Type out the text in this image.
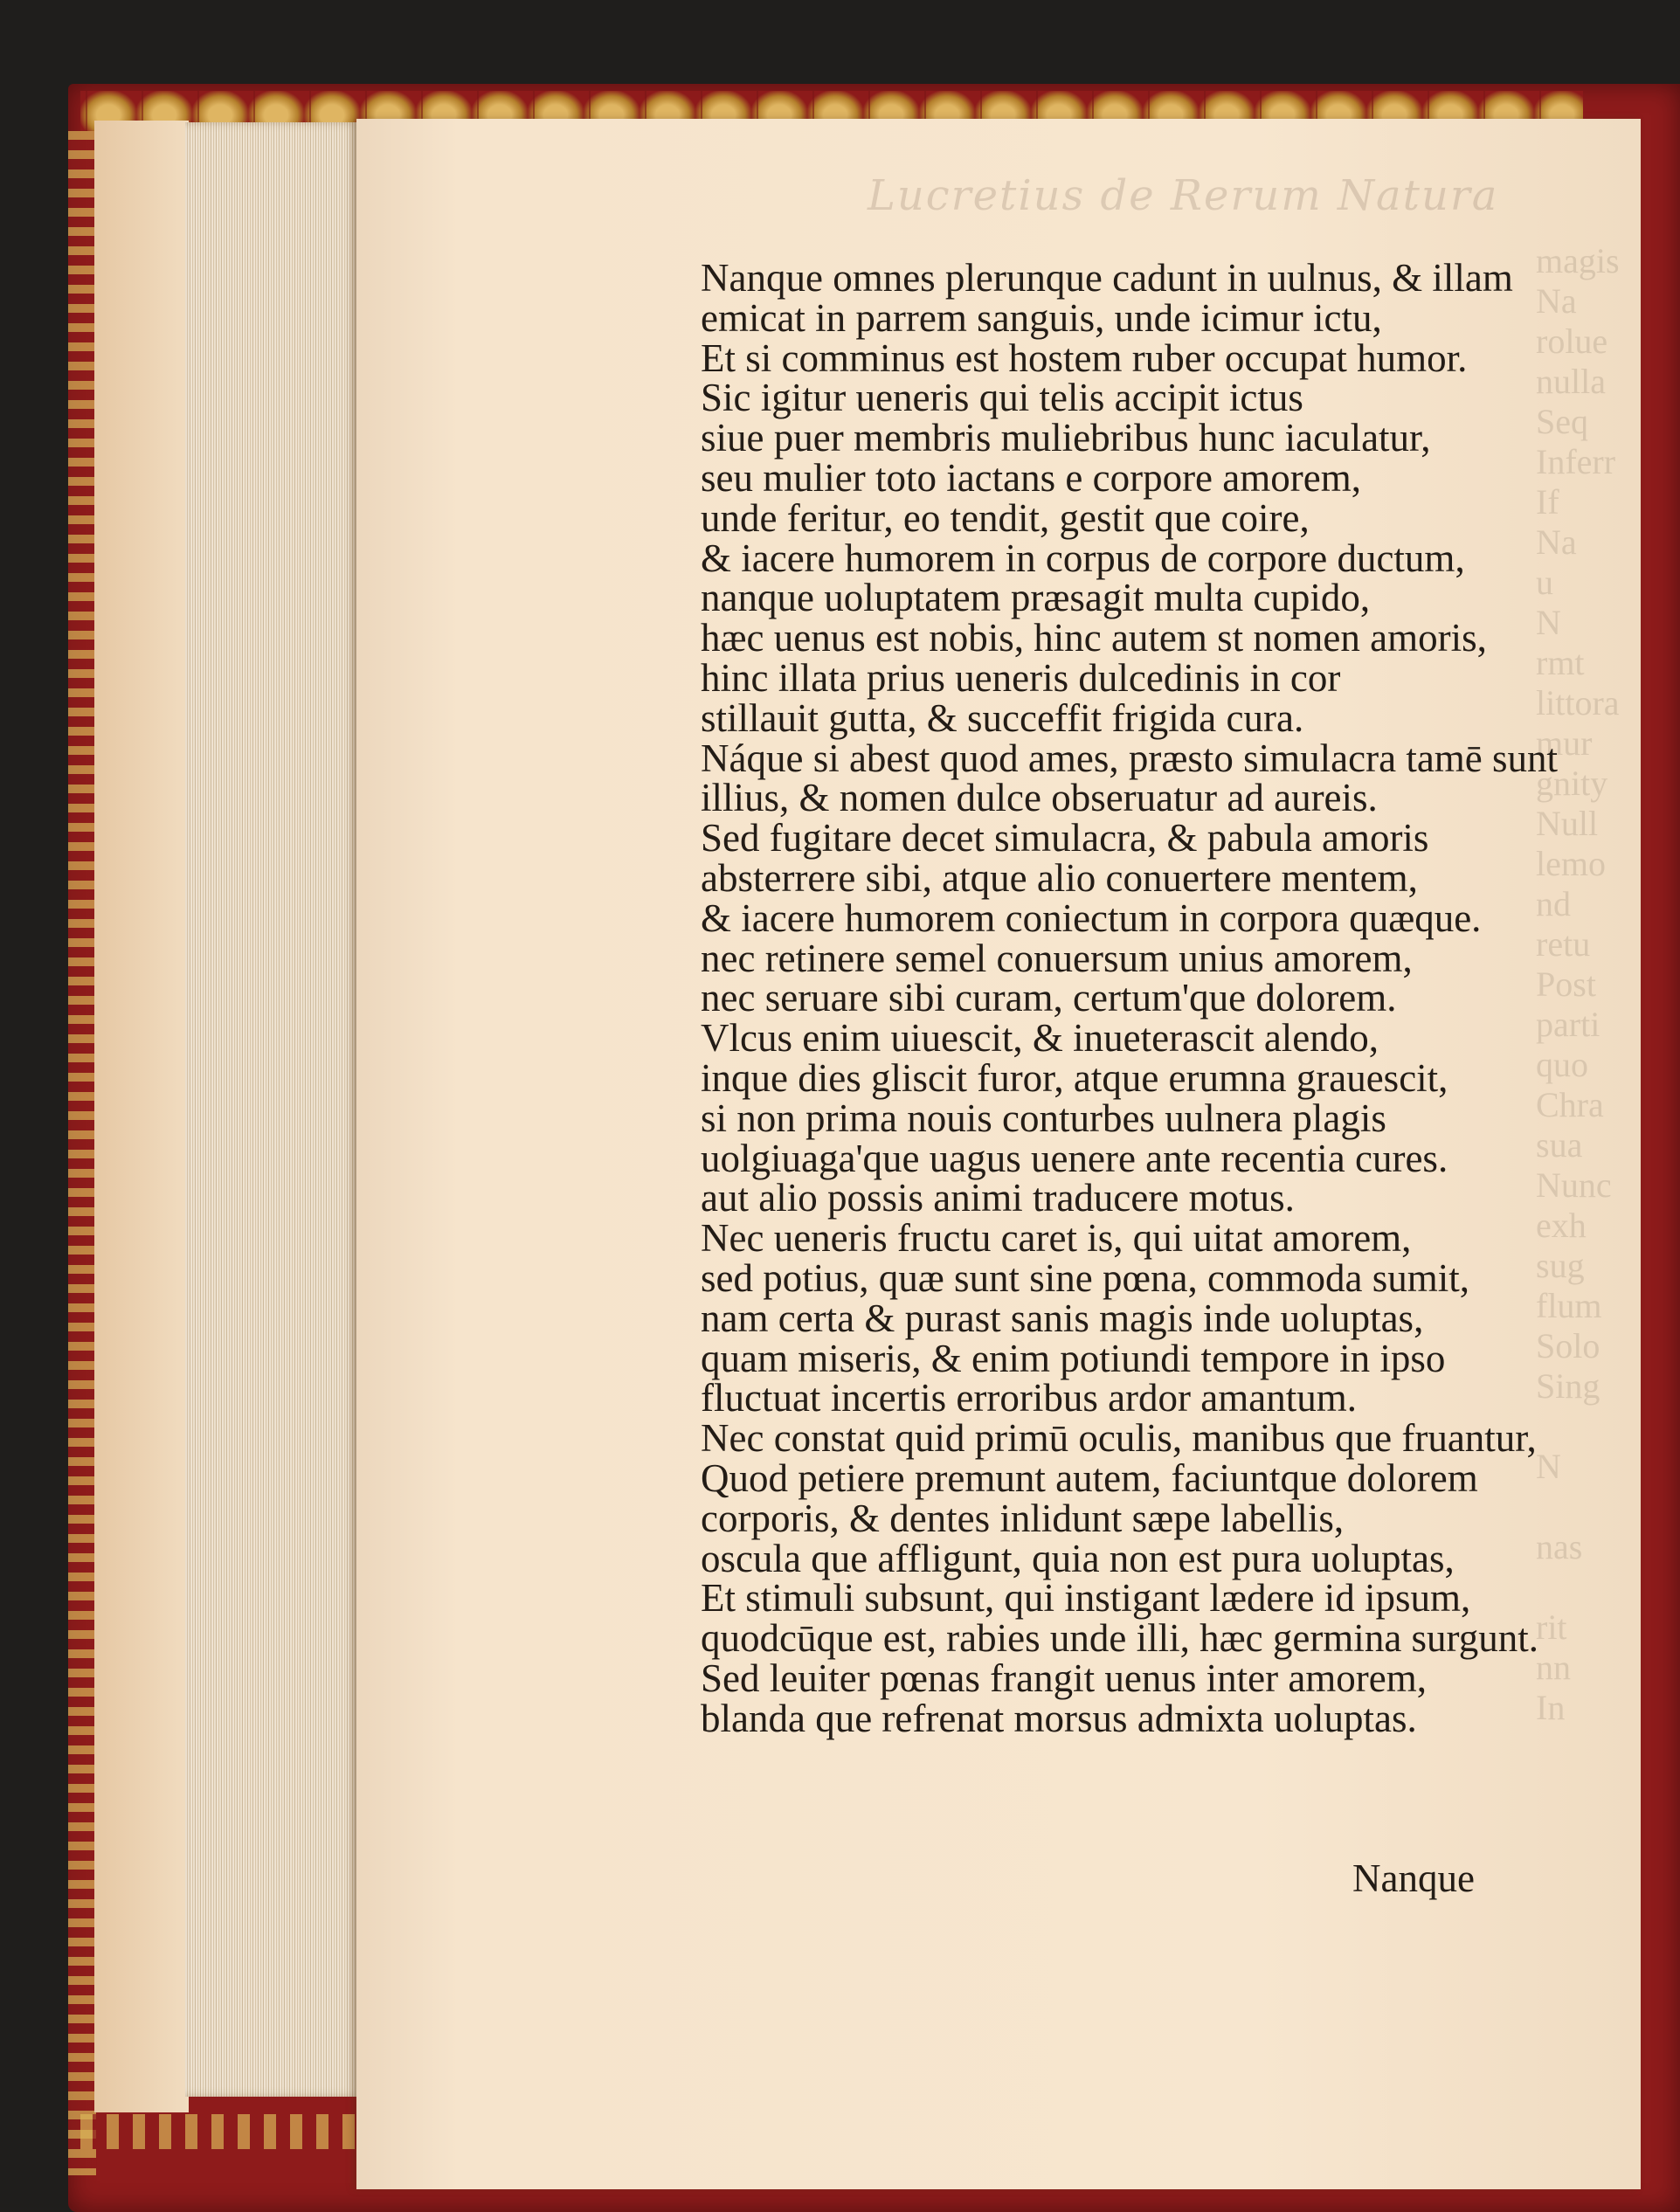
Lucretius de Rerum Natura
magis
Na
rolue
nulla
Seq
Inferr
If
Na
u
N
rmt
littora
mur
gnity
Null
lemo
nd
retu
Post
parti
quo
Chra
sua
Nunc
exh
sug
flum
Solo
Sing

N

nas

rit
nn
In
Nanque omnes plerunque cadunt in uulnus, & illam
emicat in parrem sanguis, unde icimur ictu,
Et si comminus est hostem ruber occupat humor.
Sic igitur ueneris qui telis accipit ictus
siue puer membris muliebribus hunc iaculatur,
seu mulier toto iactans e corpore amorem,
unde feritur, eo tendit, gestit que coire,
& iacere humorem in corpus de corpore ductum,
nanque uoluptatem præsagit multa cupido,
hæc uenus est nobis, hinc autem st nomen amoris,
hinc illata prius ueneris dulcedinis in cor
stillauit gutta, & succeffit frigida cura.
Náque si abest quod ames, præsto simulacra tamē sunt
illius, & nomen dulce obseruatur ad aureis.
Sed fugitare decet simulacra, & pabula amoris
absterrere sibi, atque alio conuertere mentem,
& iacere humorem coniectum in corpora quæque.
nec retinere semel conuersum unius amorem,
nec seruare sibi curam, certum'que dolorem.
Vlcus enim uiuescit, & inueterascit alendo,
inque dies gliscit furor, atque erumna grauescit,
si non prima nouis conturbes uulnera plagis
uolgiuaga'que uagus uenere ante recentia cures.
aut alio possis animi traducere motus.
Nec ueneris fructu caret is, qui uitat amorem,
sed potius, quæ sunt sine pœna, commoda sumit,
nam certa & purast sanis magis inde uoluptas,
quam miseris, & enim potiundi tempore in ipso
fluctuat incertis erroribus ardor amantum.
Nec constat quid primū oculis, manibus que fruantur,
Quod petiere premunt autem, faciuntque dolorem
corporis, & dentes inlidunt sæpe labellis,
oscula que affligunt, quia non est pura uoluptas,
Et stimuli subsunt, qui instigant lædere id ipsum,
quodcūque est, rabies unde illi, hæc germina surgunt.
Sed leuiter pœnas frangit uenus inter amorem,
blanda que refrenat morsus admixta uoluptas.
Nanque
